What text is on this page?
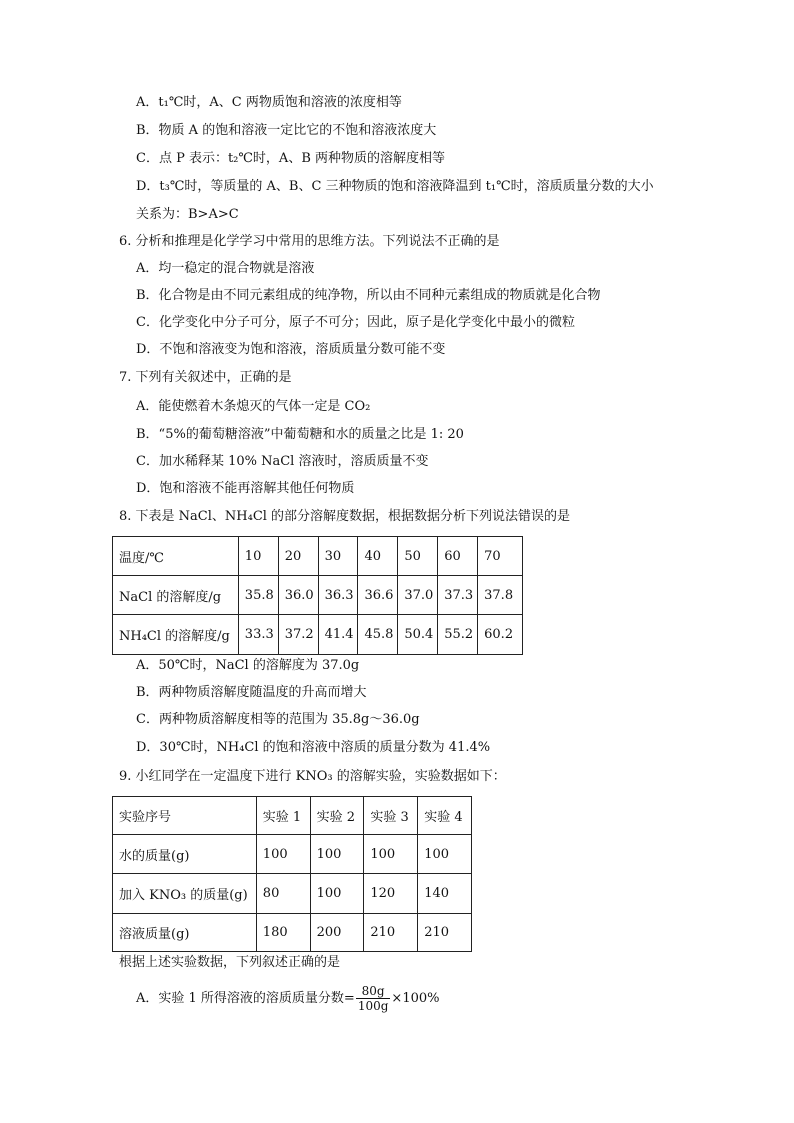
A．t₁℃时，A、C 两物质饱和溶液的浓度相等
B．物质 A 的饱和溶液一定比它的不饱和溶液浓度大
C．点 P 表示：t₂℃时，A、B 两种物质的溶解度相等
D．t₃℃时，等质量的 A、B、C 三种物质的饱和溶液降温到 t₁℃时，溶质质量分数的大小
关系为：B>A>C
6. 分析和推理是化学学习中常用的思维方法。下列说法不正确的是
A．均一稳定的混合物就是溶液
B．化合物是由不同元素组成的纯净物，所以由不同种元素组成的物质就是化合物
C．化学变化中分子可分，原子不可分；因此，原子是化学变化中最小的微粒
D．不饱和溶液变为饱和溶液，溶质质量分数可能不变
7. 下列有关叙述中，正确的是
A．能使燃着木条熄灭的气体一定是 CO₂
B．“5%的葡萄糖溶液”中葡萄糖和水的质量之比是 1: 20
C．加水稀释某 10% NaCl 溶液时，溶质质量不变
D．饱和溶液不能再溶解其他任何物质
8. 下表是 NaCl、NH₄Cl 的部分溶解度数据，根据数据分析下列说法错误的是
温度/℃	10	20	30	40	50	60	70
NaCl 的溶解度/g	35.8	36.0	36.3	36.6	37.0	37.3	37.8
NH₄Cl 的溶解度/g	33.3	37.2	41.4	45.8	50.4	55.2	60.2
A．50℃时，NaCl 的溶解度为 37.0g
B．两种物质溶解度随温度的升高而增大
C．两种物质溶解度相等的范围为 35.8g～36.0g
D．30℃时，NH₄Cl 的饱和溶液中溶质的质量分数为 41.4%
9. 小红同学在一定温度下进行 KNO₃ 的溶解实验，实验数据如下：
实验序号	实验 1	实验 2	实验 3	实验 4
水的质量(g)	100	100	100	100
加入 KNO₃ 的质量(g)	80	100	120	140
溶液质量(g)	180	200	210	210
根据上述实验数据，下列叙述正确的是
A．实验 1 所得溶液的溶质质量分数= $\frac{80g}{100g} \times 100\%$
